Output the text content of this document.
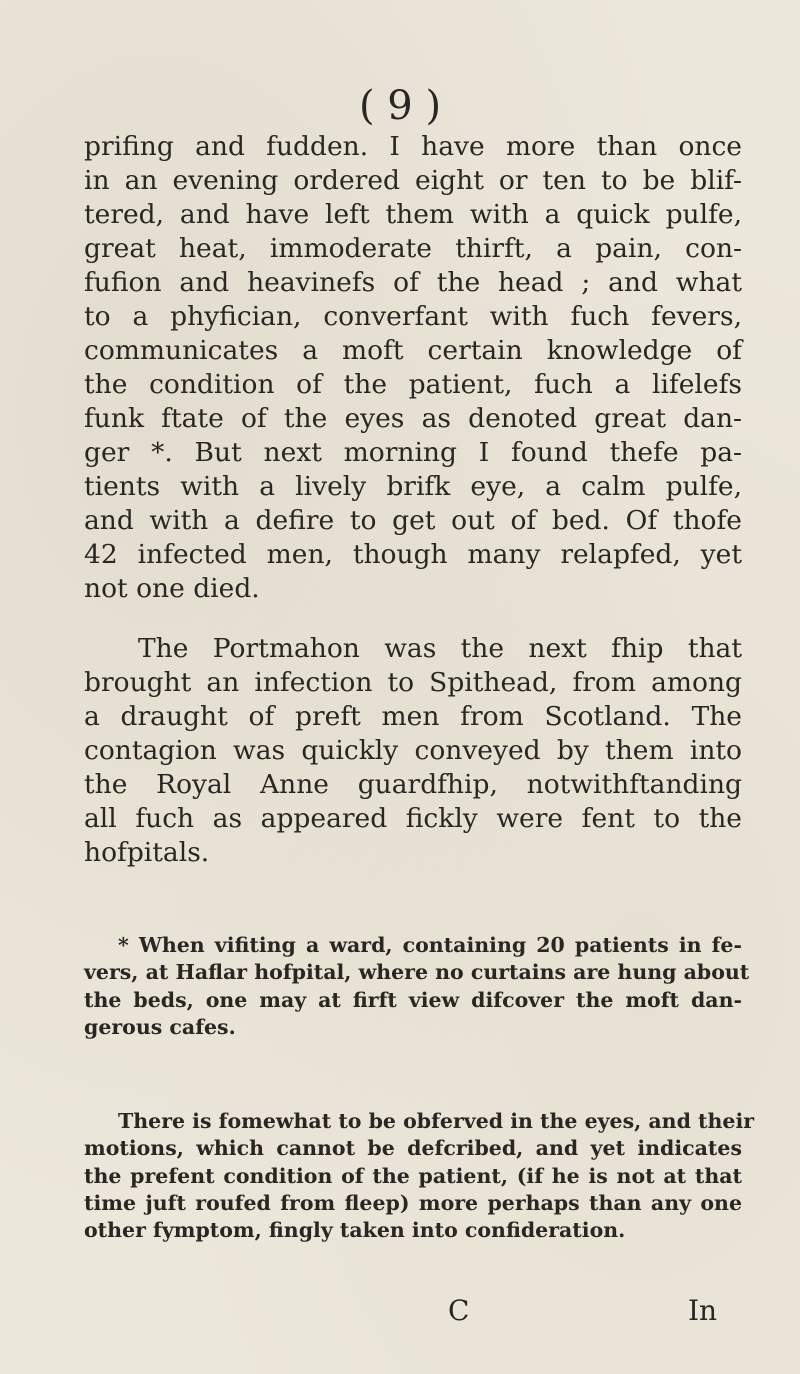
( 9 )
prifing and fudden. I have more than once
in an evening ordered eight or ten to be blif-
tered, and have left them with a quick pulfe,
great heat, immoderate thirft, a pain, con-
fufion and heavinefs of the head ; and what
to a phyfician, converfant with fuch fevers,
communicates a moft certain knowledge of
the condition of the patient, fuch a lifelefs
funk ftate of the eyes as denoted great dan-
ger *. But next morning I found thefe pa-
tients with a lively brifk eye, a calm pulfe,
and with a defire to get out of bed. Of thofe
42 infected men, though many relapfed, yet
not one died.
The Portmahon was the next fhip that
brought an infection to Spithead, from among
a draught of preft men from Scotland. The
contagion was quickly conveyed by them into
the Royal Anne guardfhip, notwithftanding
all fuch as appeared fickly were fent to the
hofpitals.
* When vifiting a ward, containing 20 patients in fe-
vers, at Haflar hofpital, where no curtains are hung about
the beds, one may at firft view difcover the moft dan-
gerous cafes.
There is fomewhat to be obferved in the eyes, and their
motions, which cannot be defcribed, and yet indicates
the prefent condition of the patient, (if he is not at that
time juft roufed from fleep) more perhaps than any one
other fymptom, fingly taken into confideration.
C	In
